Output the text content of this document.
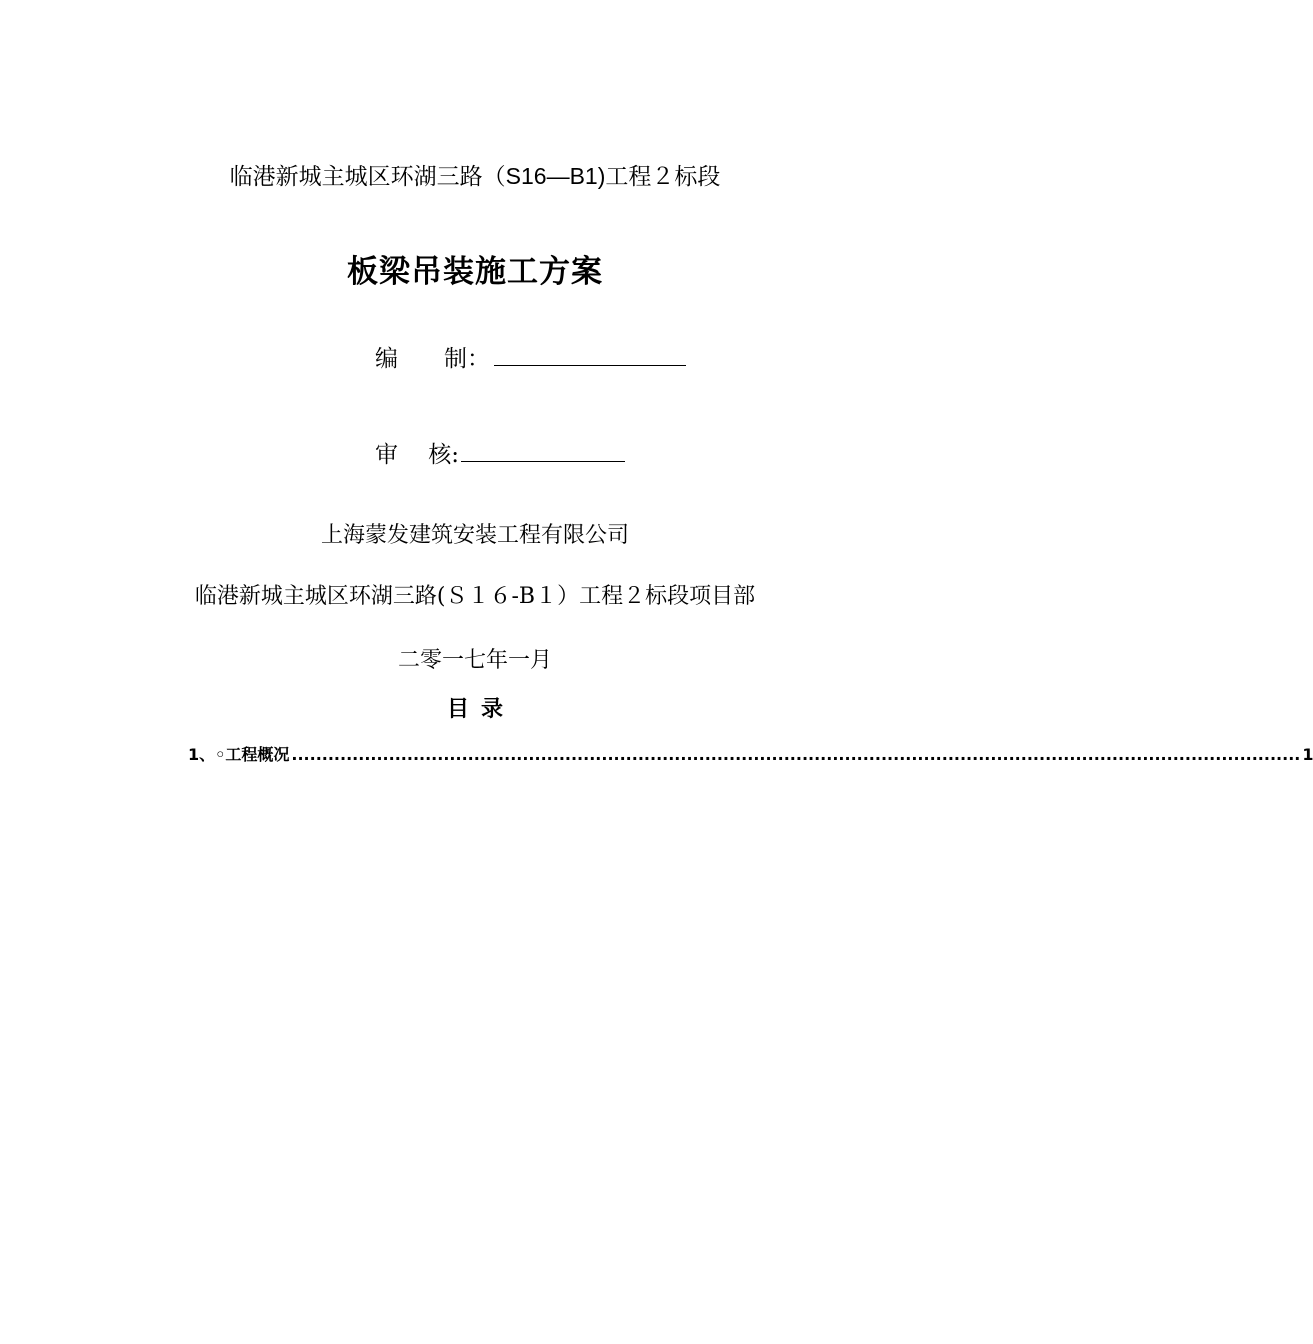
临港新城主城区环湖三路（S16—B1)工程２标段
板梁吊装施工方案
编　　制：
审　 核:
上海蒙发建筑安装工程有限公司
临港新城主城区环湖三路(Ｓ１６-B１）工程２标段项目部
二零一七年一月
目录
1、◦工程概况 ...................................................................................................................................................................... 1
